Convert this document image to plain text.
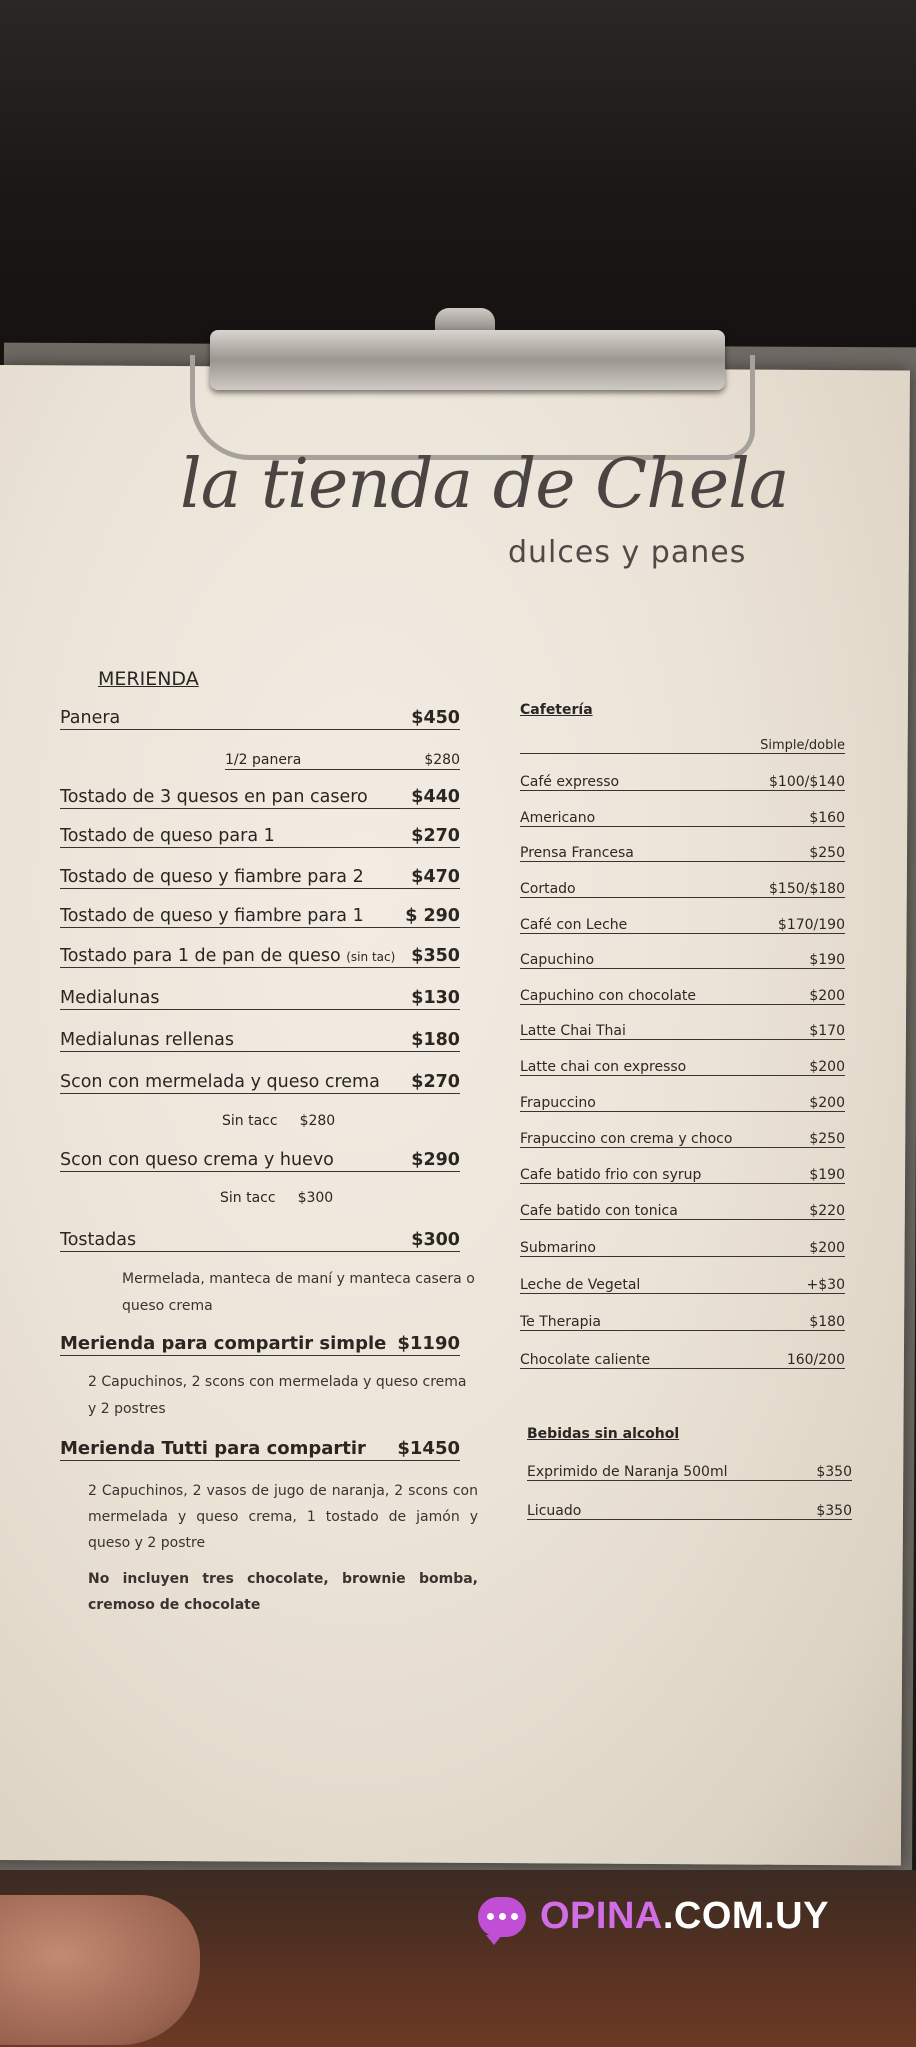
la tienda de Chela
dulces y panes
MERIENDA
Panera	$450
1/2 panera	$280
Tostado de 3 quesos en pan casero $440
Tostado de queso para 1	$270
Tostado de queso y fiambre para 2	$470
Tostado de queso y fiambre para 1 $ 290
Tostado para 1 de pan de queso (sin tac) $350
Medialunas	$130
Medialunas rellenas	$180
Scon con mermelada y queso crema $270
Sin tacc $280
Scon con queso crema y huevo	$290
Sin tacc $300
Tostadas	$300
Mermelada, manteca de maní y manteca casera o queso crema
Merienda para compartir simple $1190
2 Capuchinos, 2 scons con mermelada y queso crema y 2 postres
Merienda Tutti para compartir $1450
2 Capuchinos, 2 vasos de jugo de naranja, 2 scons con mermelada y queso crema, 1 tostado de jamón y queso y 2 postre
No incluyen tres chocolate, brownie bomba, cremoso de chocolate
Cafetería
Simple/doble
Café expresso	$100/$140
Americano	$160
Prensa Francesa	$250
Cortado	$150/$180
Café con Leche	$170/190
Capuchino	$190
Capuchino con chocolate	$200
Latte Chai Thai	$170
Latte chai con expresso	$200
Frapuccino	$200
Frapuccino con crema y choco	$250
Cafe batido frio con syrup	$190
Cafe batido con tonica	$220
Submarino	$200
Leche de Vegetal	+$30
Te Therapia	$180
Chocolate caliente	160/200
Bebidas sin alcohol
Exprimido de Naranja 500ml	$350
Licuado	$350
OPINA.COM.UY
